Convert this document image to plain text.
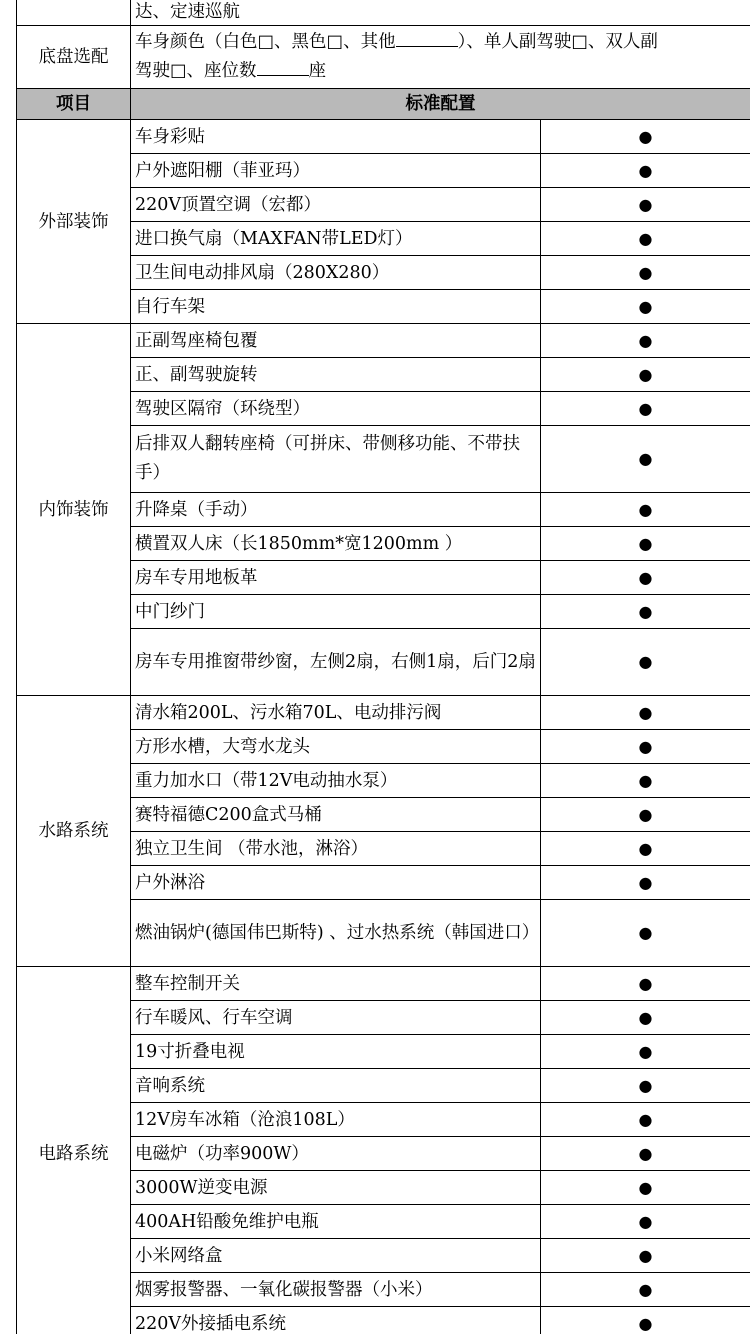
	达、定速巡航	
底盘选配	车身颜色（白色□、黑色□、其他 ）、单人副驾驶□、双人副
驾驶□、座位数 座	

项目	标准配置	
外部装饰	车身彩贴	●
	户外遮阳棚（菲亚玛）	●
	220V顶置空调（宏都）	●
	进口换气扇（MAXFAN带LED灯）	●
	卫生间电动排风扇（280X280）	●
	自行车架	●
内饰装饰	正副驾座椅包覆	●
	正、副驾驶旋转	●
	驾驶区隔帘（环绕型）	●
	后排双人翻转座椅（可拼床、带侧移功能、不带扶手）	●
	升降桌（手动）	●
	横置双人床（长1850mm*宽1200mm ）	●
	房车专用地板革	●
	中门纱门	●
	房车专用推窗带纱窗，左侧2扇，右侧1扇，后门2扇	●
水路系统	清水箱200L、污水箱70L、电动排污阀	●
	方形水槽，大弯水龙头	●
	重力加水口（带12V电动抽水泵）	●
	赛特福德C200盒式马桶	●
	独立卫生间 （带水池，淋浴）	●
	户外淋浴	●
	燃油锅炉(德国伟巴斯特) 、过水热系统（韩国进口）	●
电路系统	整车控制开关	●
	行车暖风、行车空调	●
	19寸折叠电视	●
	音响系统	●
	12V房车冰箱（沧浪108L）	●
	电磁炉（功率900W）	●
	3000W逆变电源	●
	400AH铅酸免维护电瓶	●
	小米网络盒	●
	烟雾报警器、一氧化碳报警器（小米）	●
	220V外接插电系统	●
